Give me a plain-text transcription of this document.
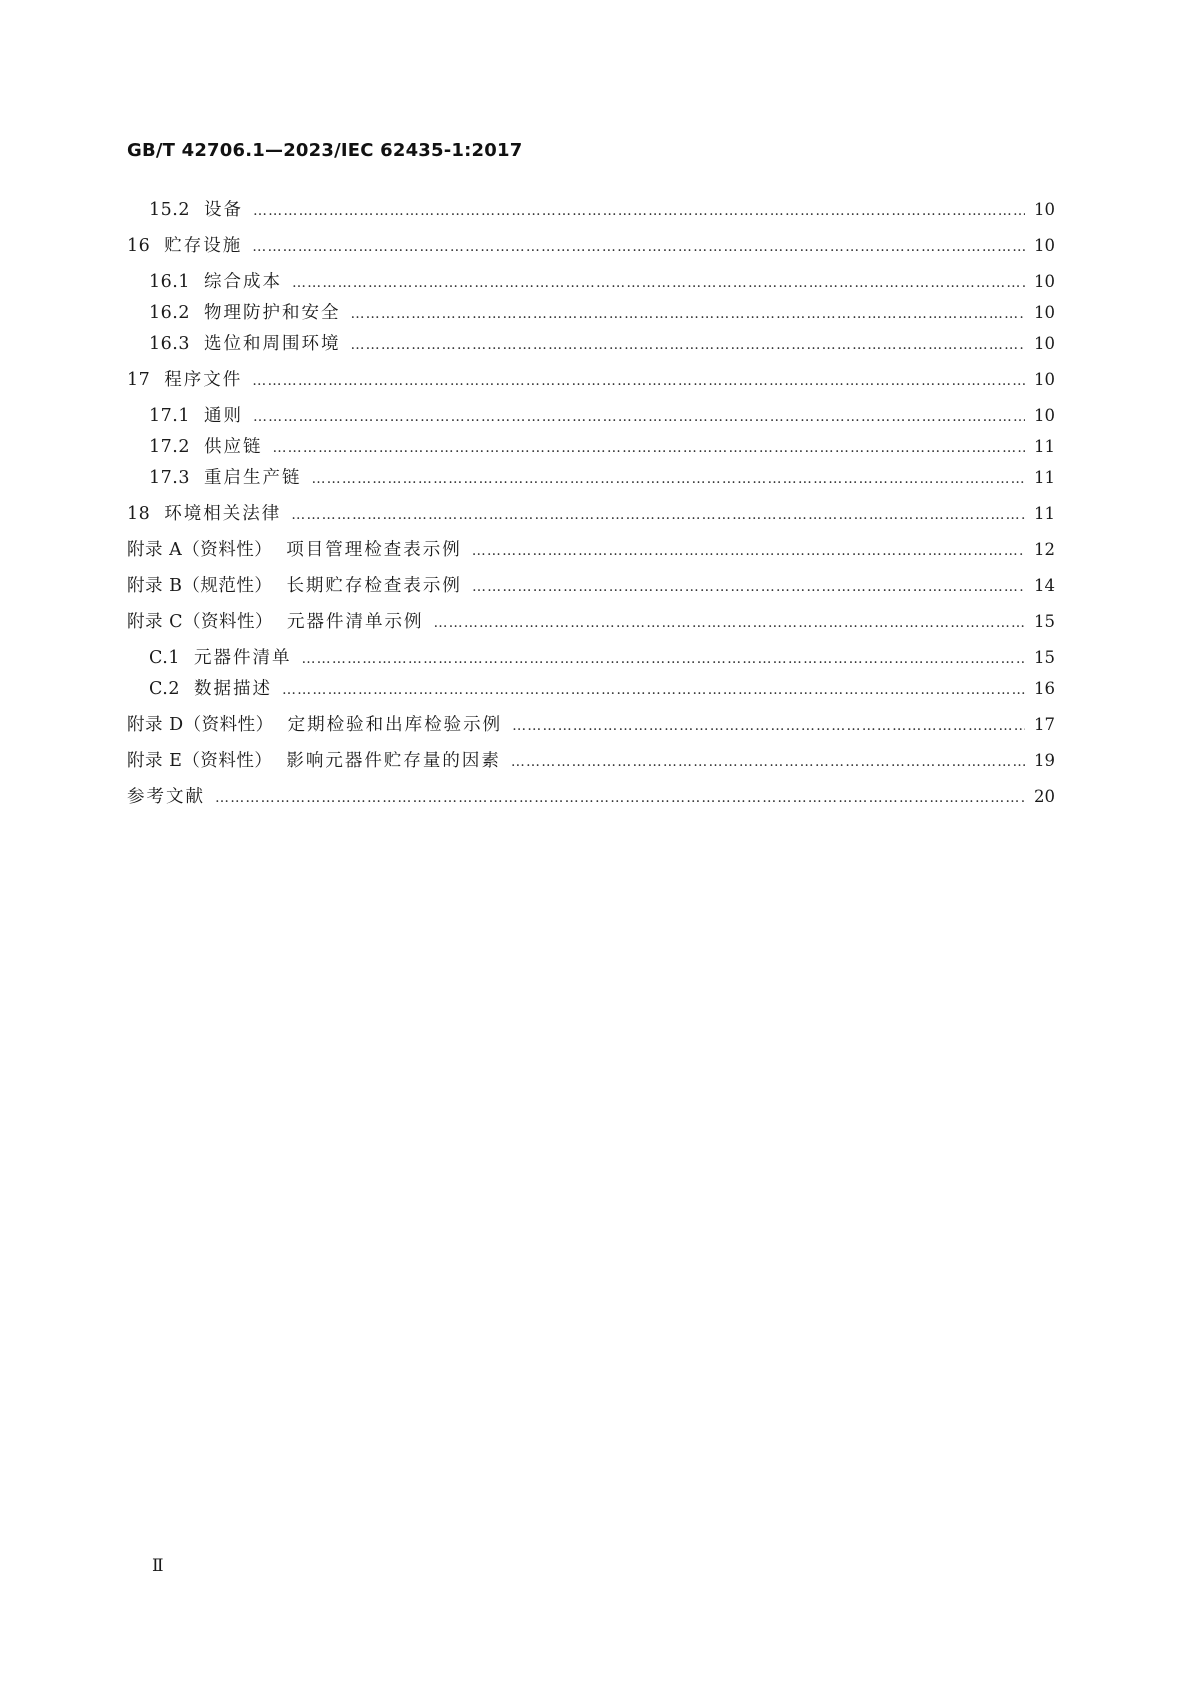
GB/T 42706.1—2023/IEC 62435-1:2017
15.2 设备 ……………………………………………………………………………………………………………………………………………………………………………………………………………………………………………………	10
16 贮存设施 ……………………………………………………………………………………………………………………………………………………………………………………………………………………………………………………	10
16.1 综合成本 ……………………………………………………………………………………………………………………………………………………………………………………………………………………………………………………	10
16.2 物理防护和安全 ……………………………………………………………………………………………………………………………………………………………………………………………………………………………………………………	10
16.3 选位和周围环境 ……………………………………………………………………………………………………………………………………………………………………………………………………………………………………………………	10
17 程序文件 ……………………………………………………………………………………………………………………………………………………………………………………………………………………………………………………	10
17.1 通则 ……………………………………………………………………………………………………………………………………………………………………………………………………………………………………………………	10
17.2 供应链 ……………………………………………………………………………………………………………………………………………………………………………………………………………………………………………………	11
17.3 重启生产链 ……………………………………………………………………………………………………………………………………………………………………………………………………………………………………………………	11
18 环境相关法律 ……………………………………………………………………………………………………………………………………………………………………………………………………………………………………………………	11
附录 A（资料性） 项目管理检查表示例 ……………………………………………………………………………………………………………………………………………………………………………………………………………………………………………………	12
附录 B（规范性） 长期贮存检查表示例 ……………………………………………………………………………………………………………………………………………………………………………………………………………………………………………………	14
附录 C（资料性） 元器件清单示例 ……………………………………………………………………………………………………………………………………………………………………………………………………………………………………………………	15
C.1 元器件清单 ……………………………………………………………………………………………………………………………………………………………………………………………………………………………………………………	15
C.2 数据描述 ……………………………………………………………………………………………………………………………………………………………………………………………………………………………………………………	16
附录 D（资料性） 定期检验和出库检验示例 ……………………………………………………………………………………………………………………………………………………………………………………………………………………………………………………	17
附录 E（资料性） 影响元器件贮存量的因素 ……………………………………………………………………………………………………………………………………………………………………………………………………………………………………………………	19
参考文献 ……………………………………………………………………………………………………………………………………………………………………………………………………………………………………………………	20
Ⅱ
